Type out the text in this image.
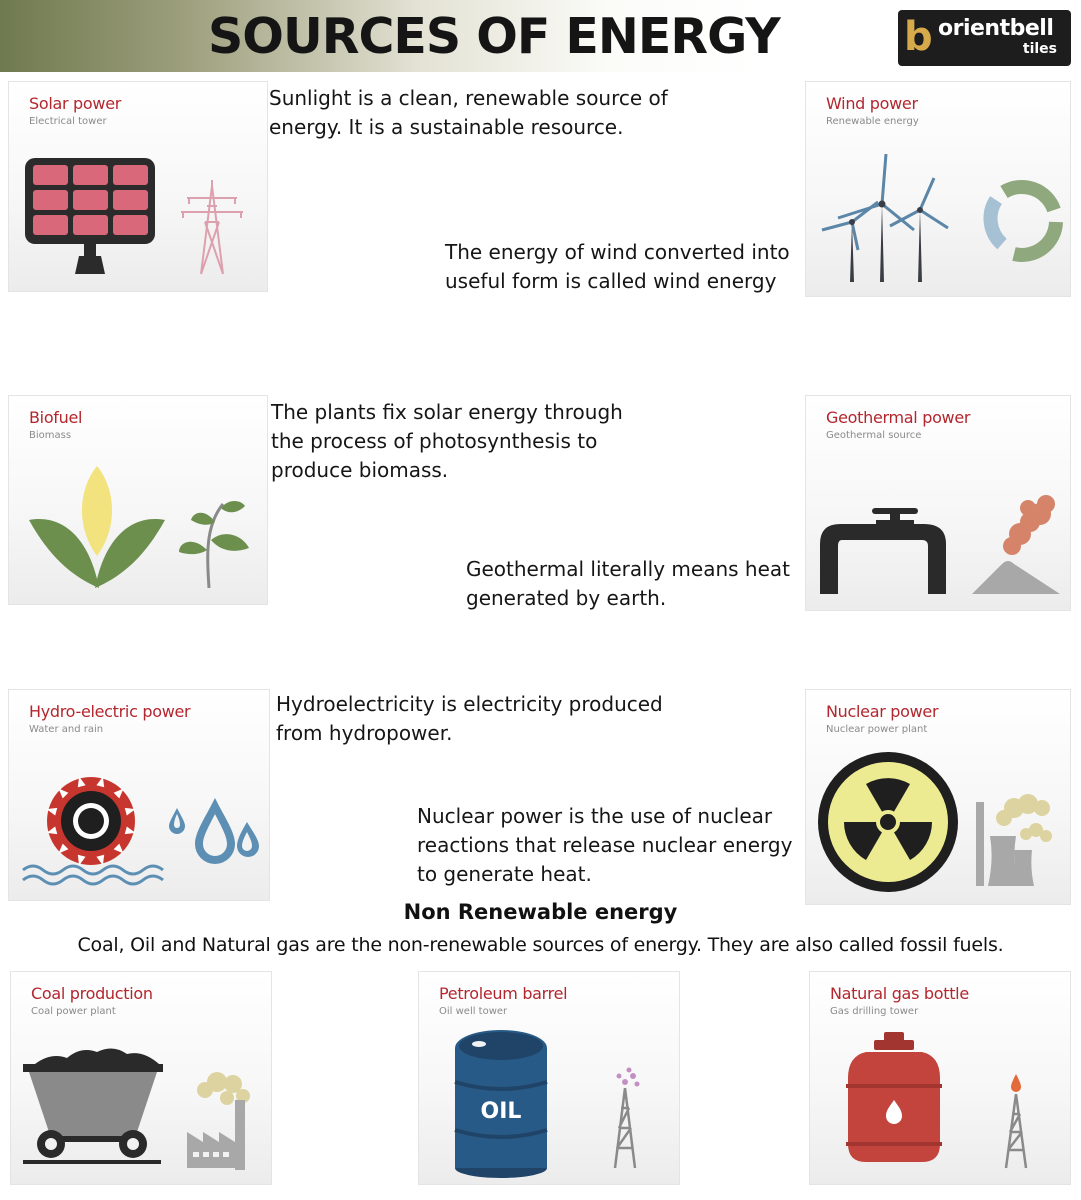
SOURCES OF ENERGY	b orientbell
tiles
Solar power
Electrical tower
Sunlight is a clean, renewable source of
energy. It is a sustainable resource.
Wind power
Renewable energy
The energy of wind converted into
useful form is called wind energy
Biofuel
Biomass
The plants fix solar energy through
the process of photosynthesis to
produce biomass.
Geothermal power
Geothermal source
Geothermal literally means heat
generated by earth.
Hydro-electric power
Water and rain
Hydroelectricity is electricity produced
from hydropower.
Nuclear power
Nuclear power plant
Nuclear power is the use of nuclear
reactions that release nuclear energy
to generate heat.
Non Renewable energy
Coal, Oil and Natural gas are the non-renewable sources of energy. They are also called fossil fuels.
Coal production
Coal power plant
Petroleum barrel
Oil well tower
OIL
Natural gas bottle
Gas drilling tower
